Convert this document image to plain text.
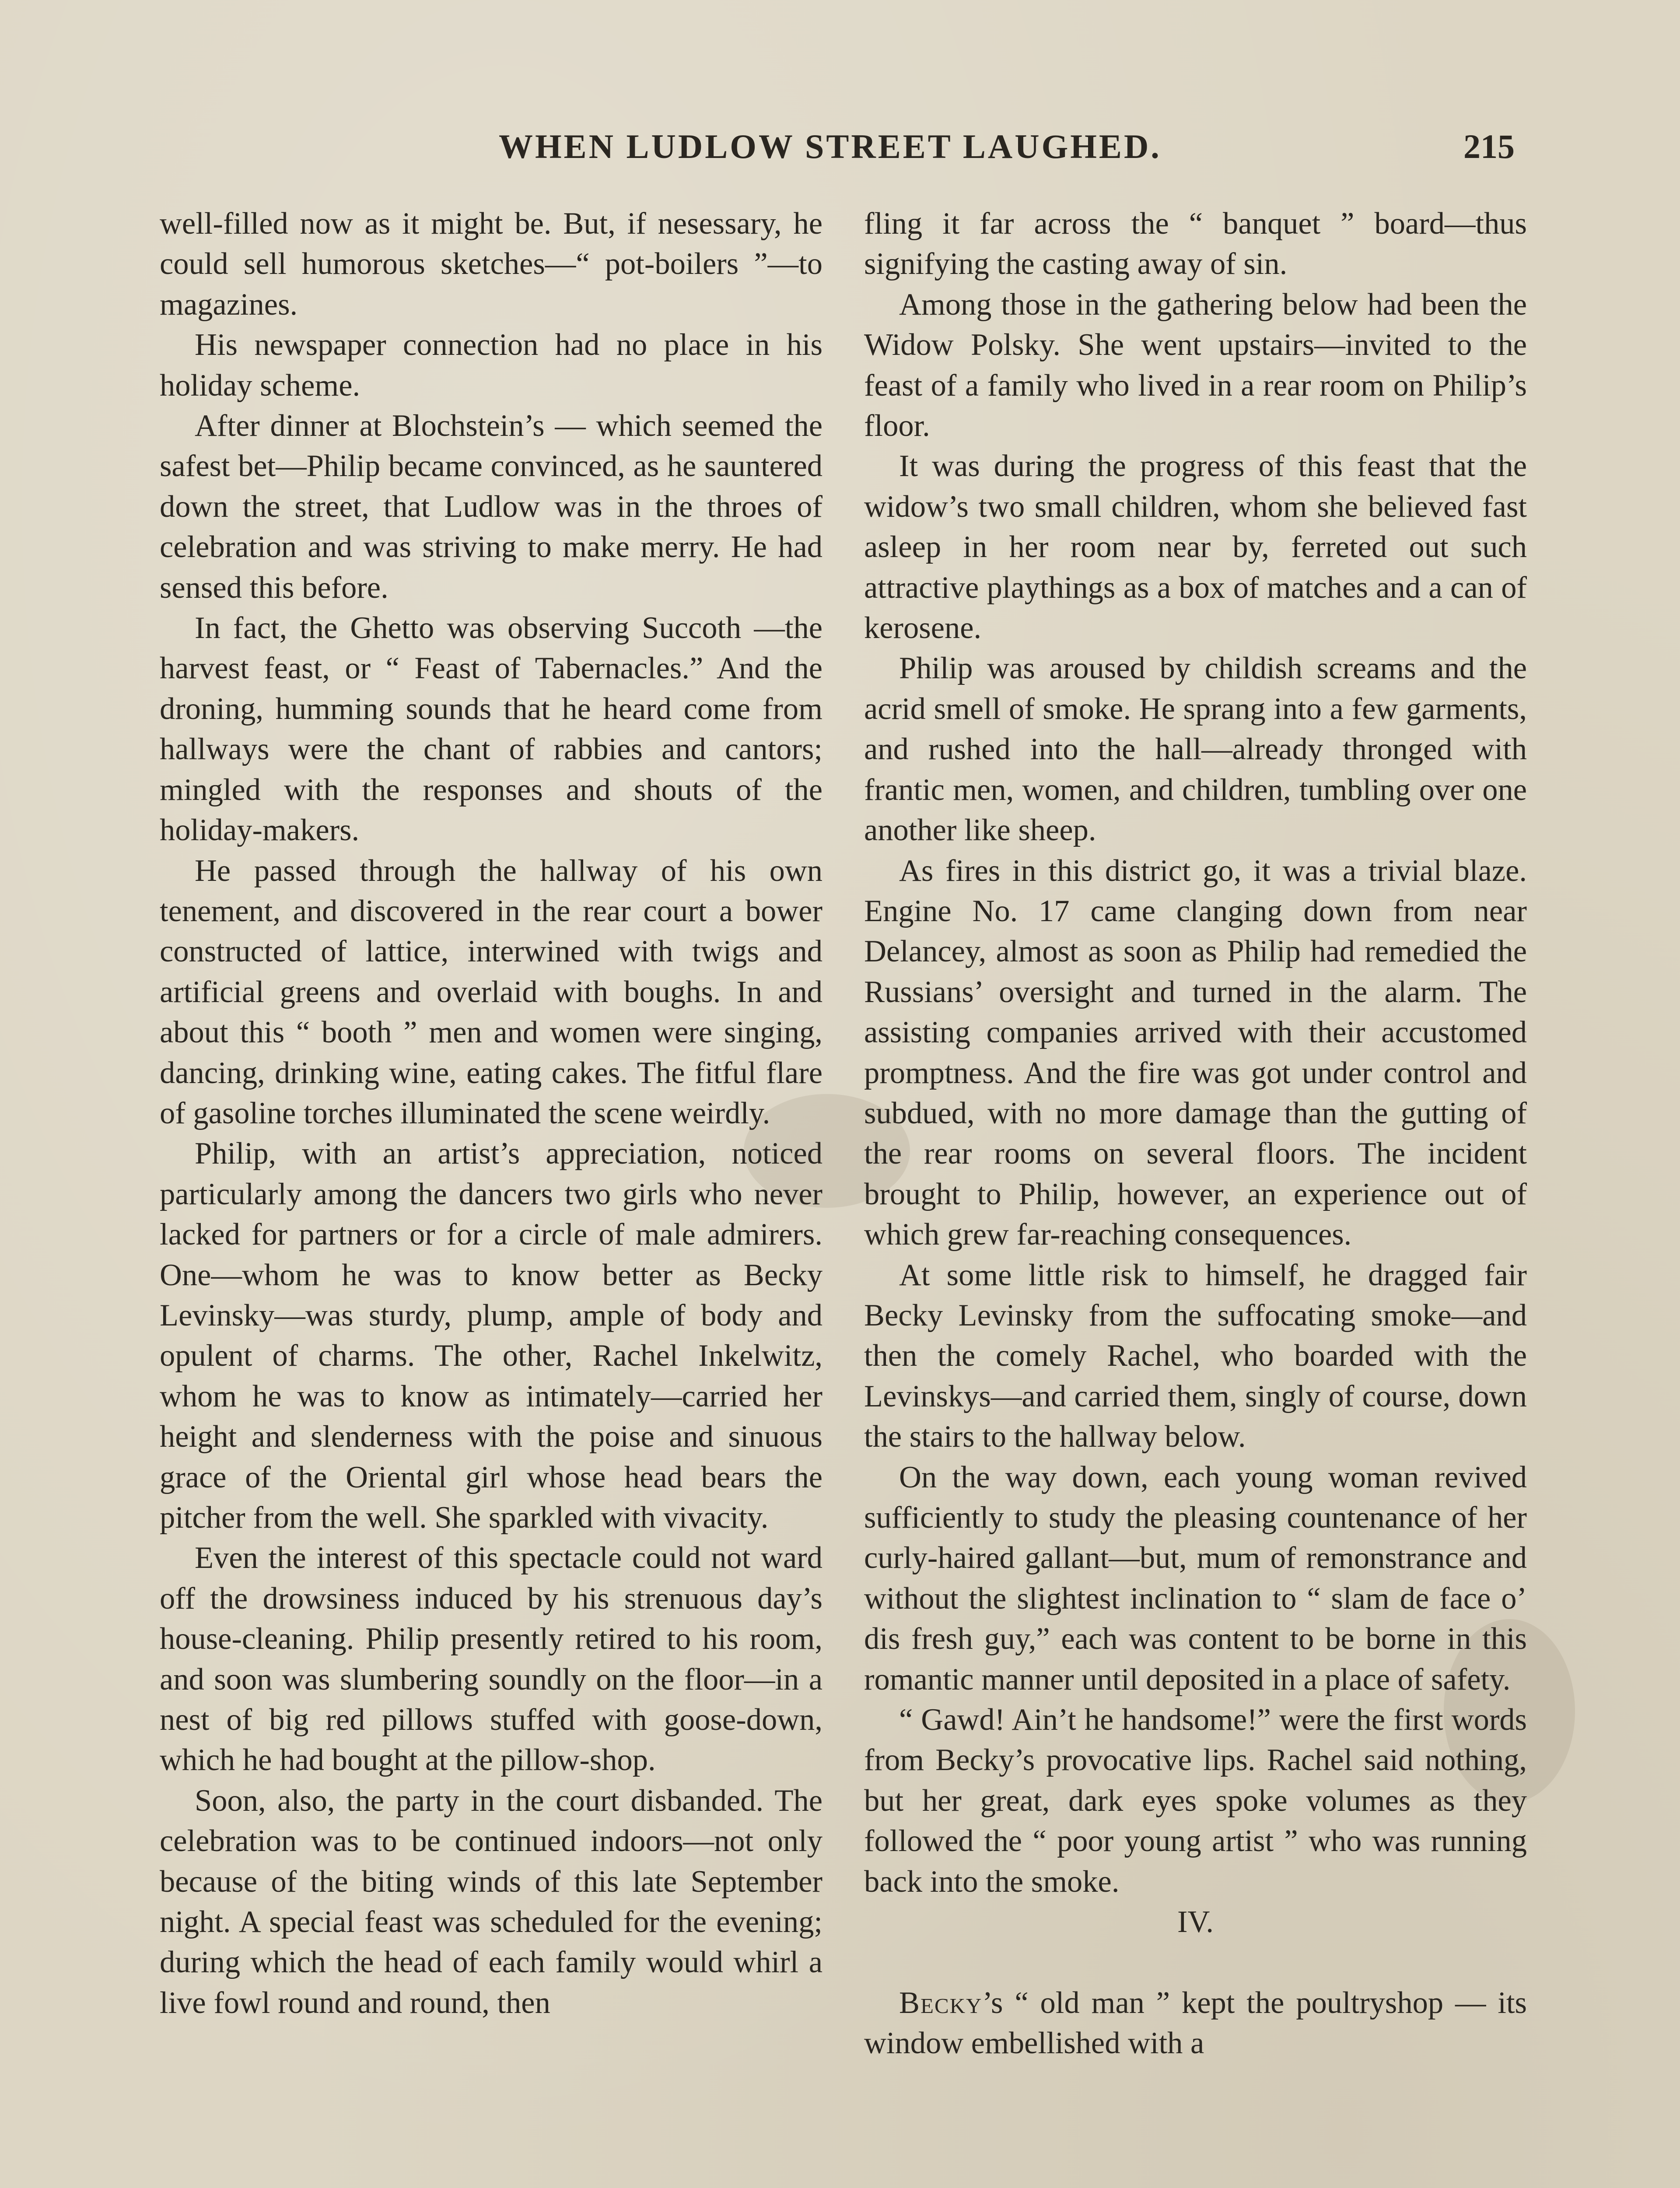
WHEN LUDLOW STREET LAUGHED.	215

well-filled now as it might be. But, if nesessary, he could sell humorous sketches—“ pot-boilers ”—to magazines.

His newspaper connection had no place in his holiday scheme.

After dinner at Blochstein’s — which seemed the safest bet—Philip became convinced, as he sauntered down the street, that Ludlow was in the throes of celebration and was striving to make merry. He had sensed this before.

In fact, the Ghetto was observing Succoth —the harvest feast, or “ Feast of Tabernacles.” And the droning, humming sounds that he heard come from hallways were the chant of rabbies and cantors; mingled with the responses and shouts of the holiday-makers.

He passed through the hallway of his own tenement, and discovered in the rear court a bower constructed of lattice, interwined with twigs and artificial greens and overlaid with boughs. In and about this “ booth ” men and women were singing, dancing, drinking wine, eating cakes. The fitful flare of gasoline torches illuminated the scene weirdly.

Philip, with an artist’s appreciation, noticed particularly among the dancers two girls who never lacked for partners or for a circle of male admirers. One—whom he was to know better as Becky Levinsky—was sturdy, plump, ample of body and opulent of charms. The other, Rachel Inkelwitz, whom he was to know as intimately—carried her height and slenderness with the poise and sinuous grace of the Oriental girl whose head bears the pitcher from the well. She sparkled with vivacity.

Even the interest of this spectacle could not ward off the drowsiness induced by his strenuous day’s house-cleaning. Philip presently retired to his room, and soon was slumbering soundly on the floor—in a nest of big red pillows stuffed with goose-down, which he had bought at the pillow-shop.

Soon, also, the party in the court disbanded. The celebration was to be continued indoors—not only because of the biting winds of this late September night. A special feast was scheduled for the evening; during which the head of each family would whirl a live fowl round and round, then

fling it far across the “ banquet ” board—thus signifying the casting away of sin.

Among those in the gathering below had been the Widow Polsky. She went upstairs—invited to the feast of a family who lived in a rear room on Philip’s floor.

It was during the progress of this feast that the widow’s two small children, whom she believed fast asleep in her room near by, ferreted out such attractive playthings as a box of matches and a can of kerosene.

Philip was aroused by childish screams and the acrid smell of smoke. He sprang into a few garments, and rushed into the hall—already thronged with frantic men, women, and children, tumbling over one another like sheep.

As fires in this district go, it was a trivial blaze. Engine No. 17 came clanging down from near Delancey, almost as soon as Philip had remedied the Russians’ oversight and turned in the alarm. The assisting companies arrived with their accustomed promptness. And the fire was got under control and subdued, with no more damage than the gutting of the rear rooms on several floors. The incident brought to Philip, however, an experience out of which grew far-reaching consequences.

At some little risk to himself, he dragged fair Becky Levinsky from the suffocating smoke—and then the comely Rachel, who boarded with the Levinskys—and carried them, singly of course, down the stairs to the hallway below.

On the way down, each young woman revived sufficiently to study the pleasing countenance of her curly-haired gallant—but, mum of remonstrance and without the slightest inclination to “ slam de face o’ dis fresh guy,” each was content to be borne in this romantic manner until deposited in a place of safety.

“ Gawd! Ain’t he handsome!” were the first words from Becky’s provocative lips. Rachel said nothing, but her great, dark eyes spoke volumes as they followed the “ poor young artist ” who was running back into the smoke.

IV.

Becky’s “ old man ” kept the poultryshop — its window embellished with a
